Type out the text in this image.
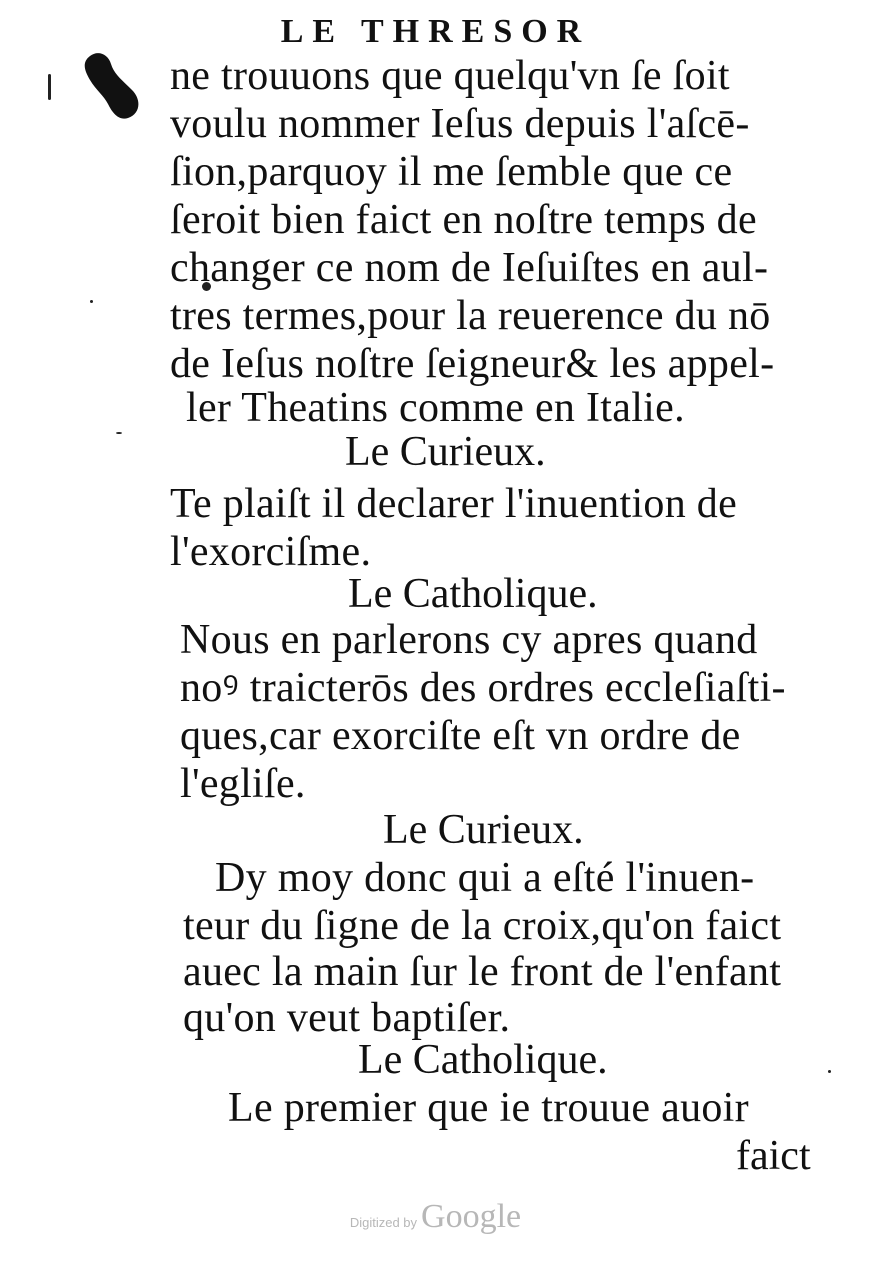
LE THRESOR
ne trouuons que quelqu'vn ſe ſoit
voulu nommer Ieſus depuis l'aſcē-
ſion,parquoy il me ſemble que ce
ſeroit bien faict en noſtre temps de
changer ce nom de Ieſuiſtes en aul-
tres termes,pour la reuerence du nō
de Ieſus noſtre ſeigneur& les appel-
ler Theatins comme en Italie.
Le Curieux.
Te plaiſt il declarer l'inuention de
l'exorciſme.
Le Catholique.
Nous en parlerons cy apres quand
noꝰ traicterōs des ordres eccleſiaſti-
ques,car exorciſte eſt vn ordre de
l'egliſe.
Le Curieux.
Dy moy donc qui a eſté l'inuen-
teur du ſigne de la croix,qu'on faict
auec la main ſur le front de l'enfant
qu'on veut baptiſer.
Le Catholique.
Le premier que ie trouue auoir
faict
Digitized by Google
